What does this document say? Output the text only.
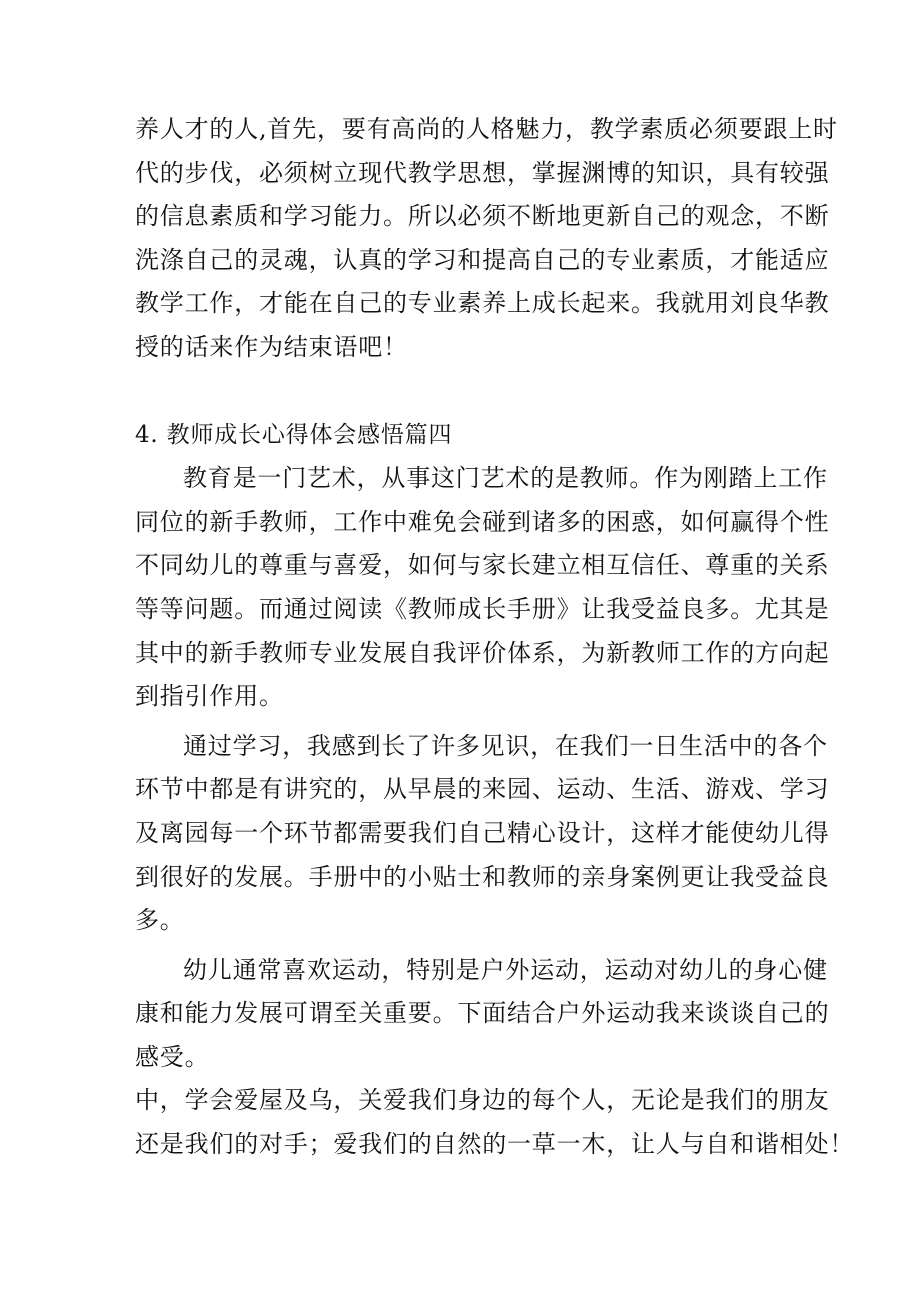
养人才的人,首先，要有高尚的人格魅力，教学素质必须要跟上时
代的步伐，必须树立现代教学思想，掌握渊博的知识，具有较强
的信息素质和学习能力。所以必须不断地更新自己的观念，不断
洗涤自己的灵魂，认真的学习和提高自己的专业素质，才能适应
教学工作，才能在自己的专业素养上成长起来。我就用刘良华教
授的话来作为结束语吧！

4. 教师成长心得体会感悟篇四

教育是一门艺术，从事这门艺术的是教师。作为刚踏上工作
同位的新手教师，工作中难免会碰到诸多的困惑，如何赢得个性
不同幼儿的尊重与喜爱，如何与家长建立相互信任、尊重的关系
等等问题。而通过阅读《教师成长手册》让我受益良多。尤其是
其中的新手教师专业发展自我评价体系，为新教师工作的方向起
到指引作用。

通过学习，我感到长了许多见识，在我们一日生活中的各个
环节中都是有讲究的，从早晨的来园、运动、生活、游戏、学习
及离园每一个环节都需要我们自己精心设计，这样才能使幼儿得
到很好的发展。手册中的小贴士和教师的亲身案例更让我受益良
多。

幼儿通常喜欢运动，特别是户外运动，运动对幼儿的身心健
康和能力发展可谓至关重要。下面结合户外运动我来谈谈自己的
感受。

中，学会爱屋及乌，关爱我们身边的每个人，无论是我们的朋友
还是我们的对手；爱我们的自然的一草一木，让人与自和谐相处！
